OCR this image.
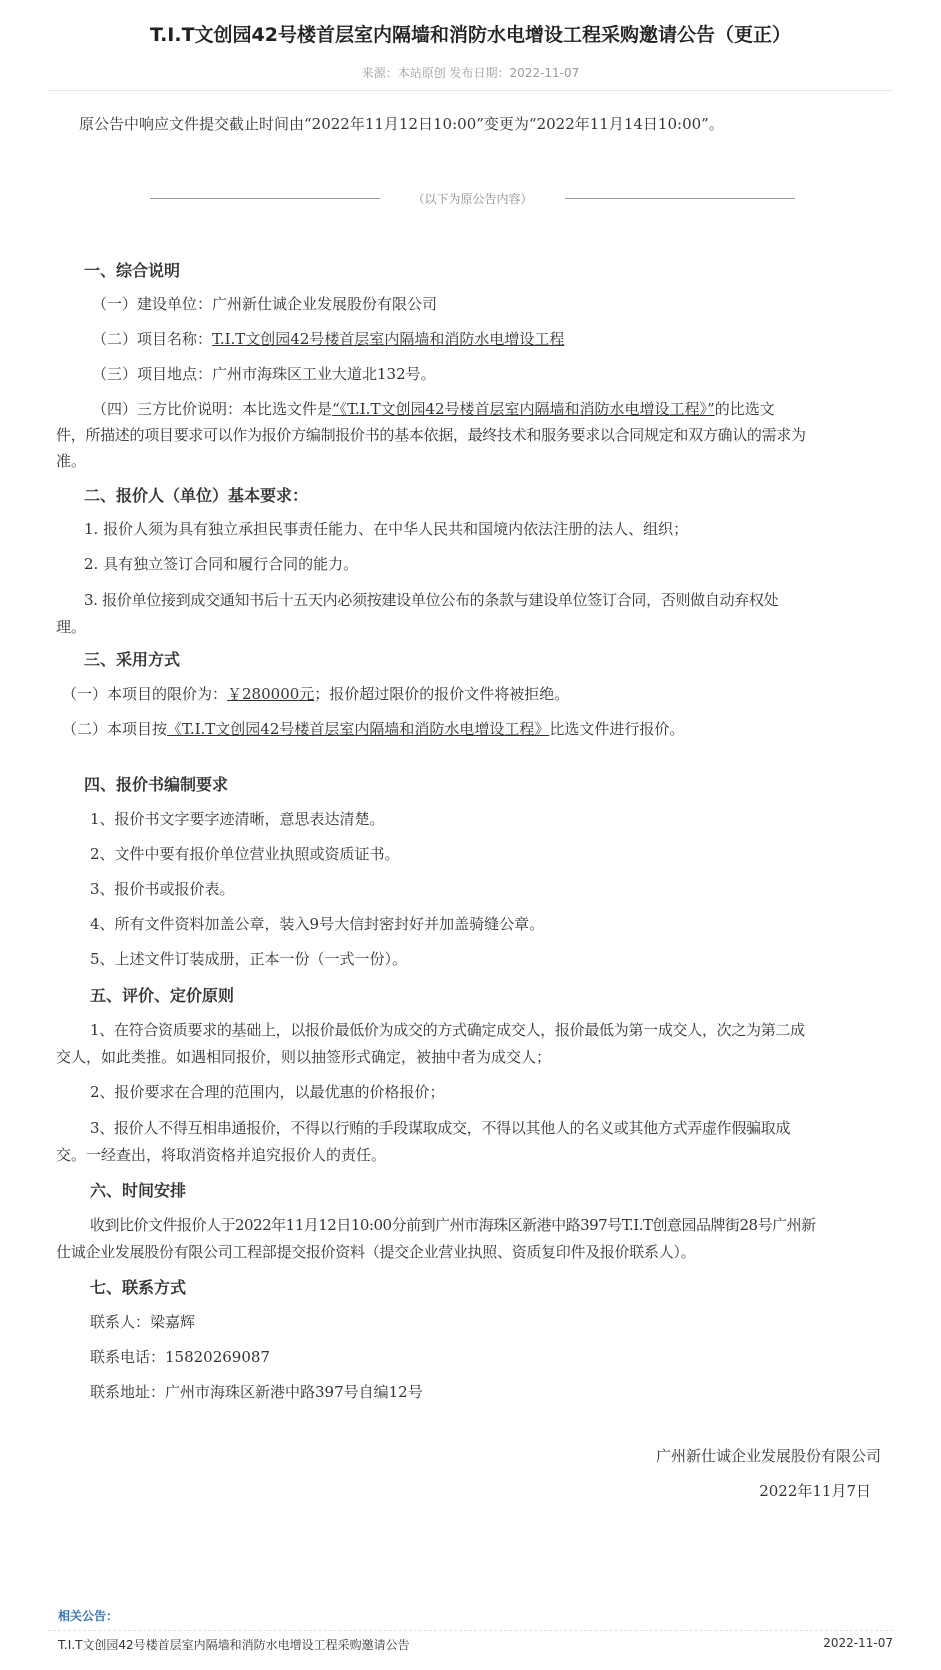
T.I.T文创园42号楼首层室内隔墙和消防水电增设工程采购邀请公告（更正）
来源：本站原创 发布日期：2022-11-07
原公告中响应文件提交截止时间由“2022年11月12日10:00”变更为“2022年11月14日10:00”。
（以下为原公告内容）
一、综合说明
（一）建设单位：广州新仕诚企业发展股份有限公司
（二）项目名称：T.I.T文创园42号楼首层室内隔墙和消防水电增设工程
（三）项目地点：广州市海珠区工业大道北132号。
（四）三方比价说明：本比选文件是“《T.I.T文创园42号楼首层室内隔墙和消防水电增设工程》”的比选文
件，所描述的项目要求可以作为报价方编制报价书的基本依据，最终技术和服务要求以合同规定和双方确认的需求为
准。
二、报价人（单位）基本要求：
1. 报价人须为具有独立承担民事责任能力、在中华人民共和国境内依法注册的法人、组织；
2. 具有独立签订合同和履行合同的能力。
3. 报价单位接到成交通知书后十五天内必须按建设单位公布的条款与建设单位签订合同，否则做自动弃权处
理。
三、采用方式
（一）本项目的限价为：￥280000元；报价超过限价的报价文件将被拒绝。
（二）本项目按《T.I.T文创园42号楼首层室内隔墙和消防水电增设工程》比选文件进行报价。
四、报价书编制要求
1、报价书文字要字迹清晰，意思表达清楚。
2、文件中要有报价单位营业执照或资质证书。
3、报价书或报价表。
4、所有文件资料加盖公章，装入9号大信封密封好并加盖骑缝公章。
5、上述文件订装成册，正本一份（一式一份）。
五、评价、定价原则
1、在符合资质要求的基础上，以报价最低价为成交的方式确定成交人，报价最低为第一成交人，次之为第二成
交人，如此类推。如遇相同报价，则以抽签形式确定，被抽中者为成交人；
2、报价要求在合理的范围内，以最优惠的价格报价；
3、报价人不得互相串通报价，不得以行贿的手段谋取成交，不得以其他人的名义或其他方式弄虚作假骗取成
交。一经查出，将取消资格并追究报价人的责任。
六、时间安排
收到比价文件报价人于2022年11月12日10:00分前到广州市海珠区新港中路397号T.I.T创意园品牌街28号广州新
仕诚企业发展股份有限公司工程部提交报价资料（提交企业营业执照、资质复印件及报价联系人）。
七、联系方式
联系人：梁嘉辉
联系电话：15820269087
联系地址：广州市海珠区新港中路397号自编12号
广州新仕诚企业发展股份有限公司
2022年11月7日
相关公告：
T.I.T文创园42号楼首层室内隔墙和消防水电增设工程采购邀请公告	2022-11-07
